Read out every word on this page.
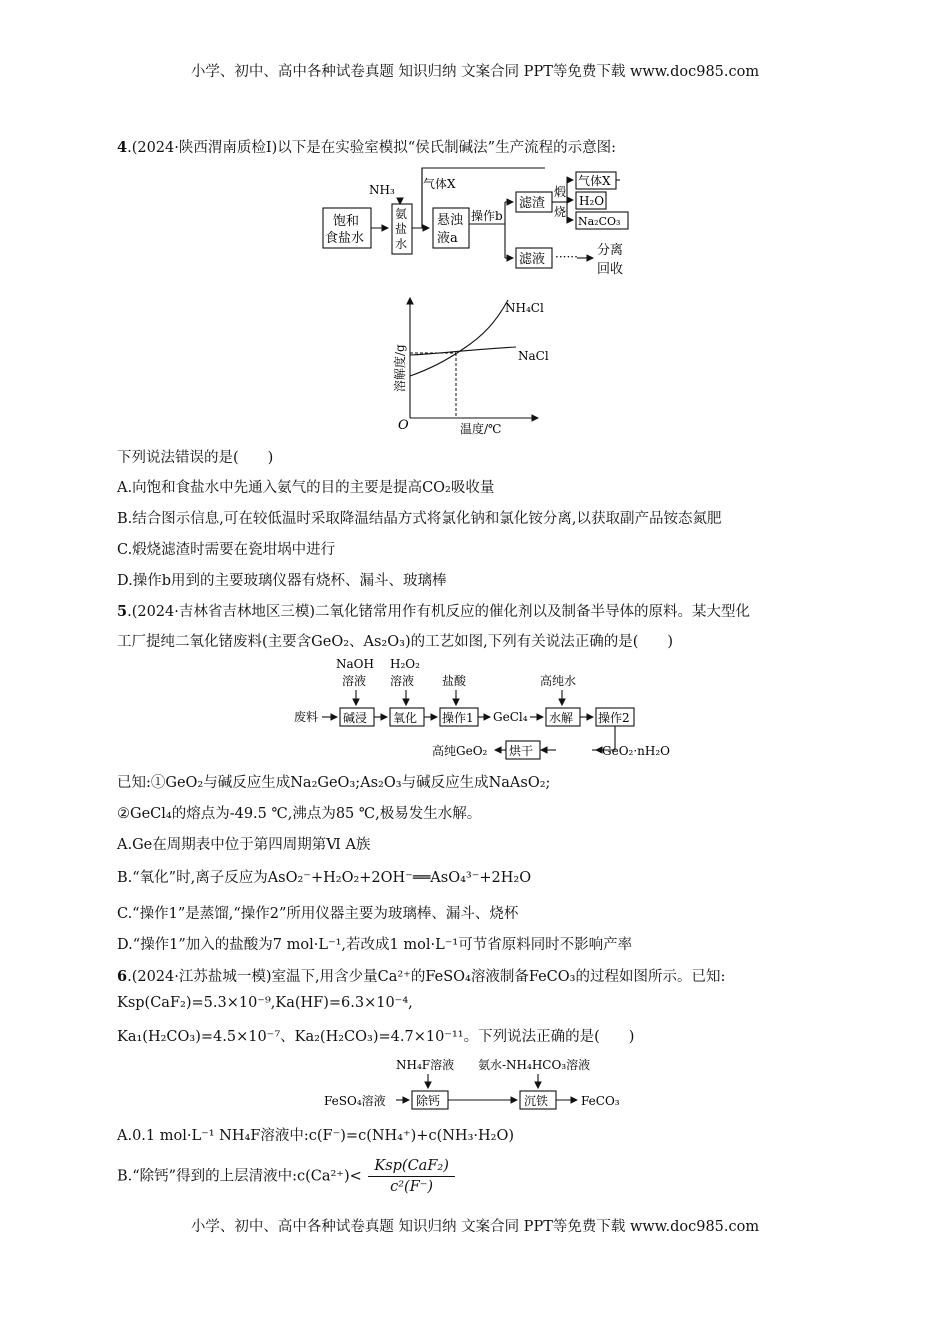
小学、初中、高中各种试卷真题 知识归纳 文案合同 PPT等免费下载 www.doc985.com
4.(2024·陕西渭南质检Ⅰ)以下是在实验室模拟“侯氏制碱法”生产流程的示意图:
NH₃
饱和
食盐水
氨
盐
水
气体X
悬浊
液a
操作b
滤渣
煅
烧
气体X
H₂O
Na₂CO₃
滤液 ······ 分离
回收
NH₄Cl
NaCl
O	温度/℃
溶解度/g
下列说法错误的是(　　)
A.向饱和食盐水中先通入氨气的目的主要是提高CO₂吸收量
B.结合图示信息,可在较低温时采取降温结晶方式将氯化钠和氯化铵分离,以获取副产品铵态氮肥
C.煅烧滤渣时需要在瓷坩埚中进行
D.操作b用到的主要玻璃仪器有烧杯、漏斗、玻璃棒
5.(2024·吉林省吉林地区三模)二氧化锗常用作有机反应的催化剂以及制备半导体的原料。某大型化
工厂提纯二氧化锗废料(主要含GeO₂、As₂O₃)的工艺如图,下列有关说法正确的是(　　)
NaOH
溶液
H₂O₂
溶液 盐酸	高纯水
废料 碱浸 氧化 操作1 GeCl₄ 水解 操作2
GeO₂·nH₂O
烘干
高纯GeO₂
已知:①GeO₂与碱反应生成Na₂GeO₃;As₂O₃与碱反应生成NaAsO₂;
②GeCl₄的熔点为-49.5 ℃,沸点为85 ℃,极易发生水解。
A.Ge在周期表中位于第四周期第Ⅵ A族
B.“氧化”时,离子反应为AsO₂⁻+H₂O₂+2OH⁻══AsO₄³⁻+2H₂O
C.“操作1”是蒸馏,“操作2”所用仪器主要为玻璃棒、漏斗、烧杯
D.“操作1”加入的盐酸为7 mol·L⁻¹,若改成1 mol·L⁻¹可节省原料同时不影响产率
6.(2024·江苏盐城一模)室温下,用含少量Ca²⁺的FeSO₄溶液制备FeCO₃的过程如图所示。已知:
Ksp(CaF₂)=5.3×10⁻⁹,Ka(HF)=6.3×10⁻⁴,
Ka₁(H₂CO₃)=4.5×10⁻⁷、Ka₂(H₂CO₃)=4.7×10⁻¹¹。下列说法正确的是(　　)
NH₄F溶液 氨水-NH₄HCO₃溶液
FeSO₄溶液	除钙	沉铁	FeCO₃
A.0.1 mol·L⁻¹ NH₄F溶液中:c(F⁻)=c(NH₄⁺)+c(NH₃·H₂O)
B.“除钙”得到的上层清液中:c(Ca²⁺)< $\frac{\text{Ksp(CaF₂)}}{\text{c²(F⁻)}}$
小学、初中、高中各种试卷真题 知识归纳 文案合同 PPT等免费下载 www.doc985.com
